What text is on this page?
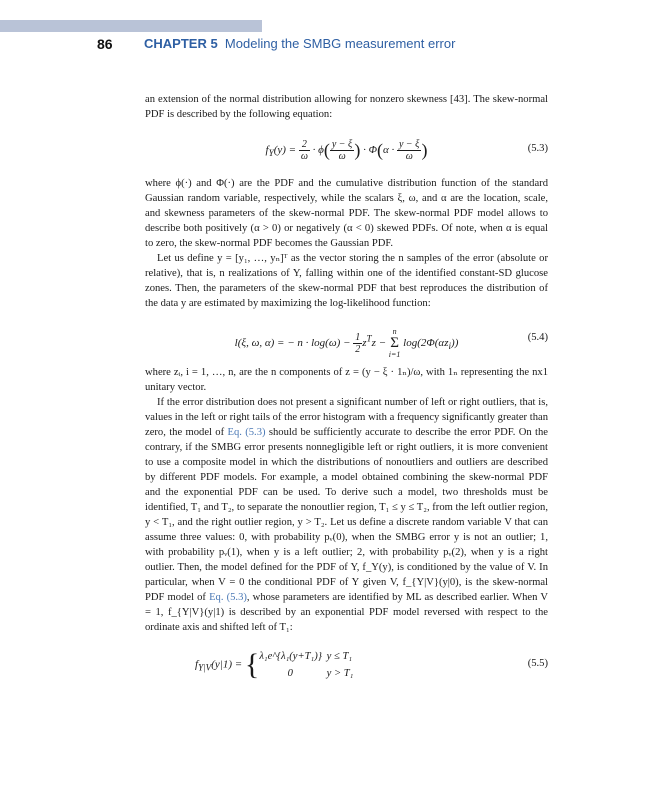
86 CHAPTER 5 Modeling the SMBG measurement error

an extension of the normal distribution allowing for nonzero skewness [43]. The skew-normal PDF is described by the following equation:

$f_Y(y) = \frac{2}{\omega} \cdot \phi( \frac{y - \xi}{\omega}$ ) · $\Phi(\alpha \cdot \frac{y - \xi}{\omega}$ )	(5.3)

where ϕ(·) and Φ(·) are the PDF and the cumulative distribution function of the standard Gaussian random variable, respectively, while the scalars ξ, ω, and α are the location, scale, and skewness parameters of the skew-normal PDF. The skew-normal PDF model allows to describe both positively (α > 0) or negatively (α < 0) skewed PDFs. Of note, when α is equal to zero, the skew-normal PDF becomes the Gaussian PDF.

Let us define y = [y₁, …, yₙ]ᵀ as the vector storing the n samples of the error (absolute or relative), that is, n realizations of Y, falling within one of the identified constant-SD glucose zones. Then, the parameters of the skew-normal PDF that best reproduces the distribution of the data y are estimated by maximizing the log-likelihood function:

l(ξ, ω, α) = − $n \cdot \log(\omega) - \frac{1}{2} z^Tz - n$
Σ
i=1 $\log(2\Phi(\alpha z_i))$	(5.4)

where zᵢ, i = 1, …, n, are the n components of z = (y − ξ · 1ₙ)/ω, with 1ₙ representing the nx1 unitary vector.

If the error distribution does not present a significant number of left or right outliers, that is, values in the left or right tails of the error histogram with a frequency significantly greater than zero, the model of Eq. (5.3) should be sufficiently accurate to describe the error PDF. On the contrary, if the SMBG error presents nonnegligible left or right outliers, it is more convenient to use a composite model in which the distributions of nonoutliers and outliers are described by different PDF models. For example, a model obtained combining the skew-normal PDF and the exponential PDF can be used. To derive such a model, two thresholds must be identified, T₁ and T₂, to separate the nonoutlier region, T₁ ≤ y ≤ T₂, from the left outlier region, y < T₁, and the right outlier region, y > T₂. Let us define a discrete random variable V that can assume three values: 0, with probability pᵥ(0), when the SMBG error y is not an outlier; 1, with probability pᵥ(1), when y is a left outlier; 2, with probability pᵥ(2), when y is a right outlier. Then, the model defined for the PDF of Y, f_Y(y), is conditioned by the value of V. In particular, when V = 0 the conditional PDF of Y given V, f_{Y|V}(y|0), is the skew-normal PDF model of Eq. (5.3), whose parameters are identified by ML as described earlier. When V = 1, f_{Y|V}(y|1) is described by an exponential PDF model reversed with respect to the ordinate axis and shifted left of T₁:

$f_{Y|V}(y|1)$ = {λ₁e^{λ₁(y+T₁)} y ≤ T₁
0	y > T₁
(5.5)
